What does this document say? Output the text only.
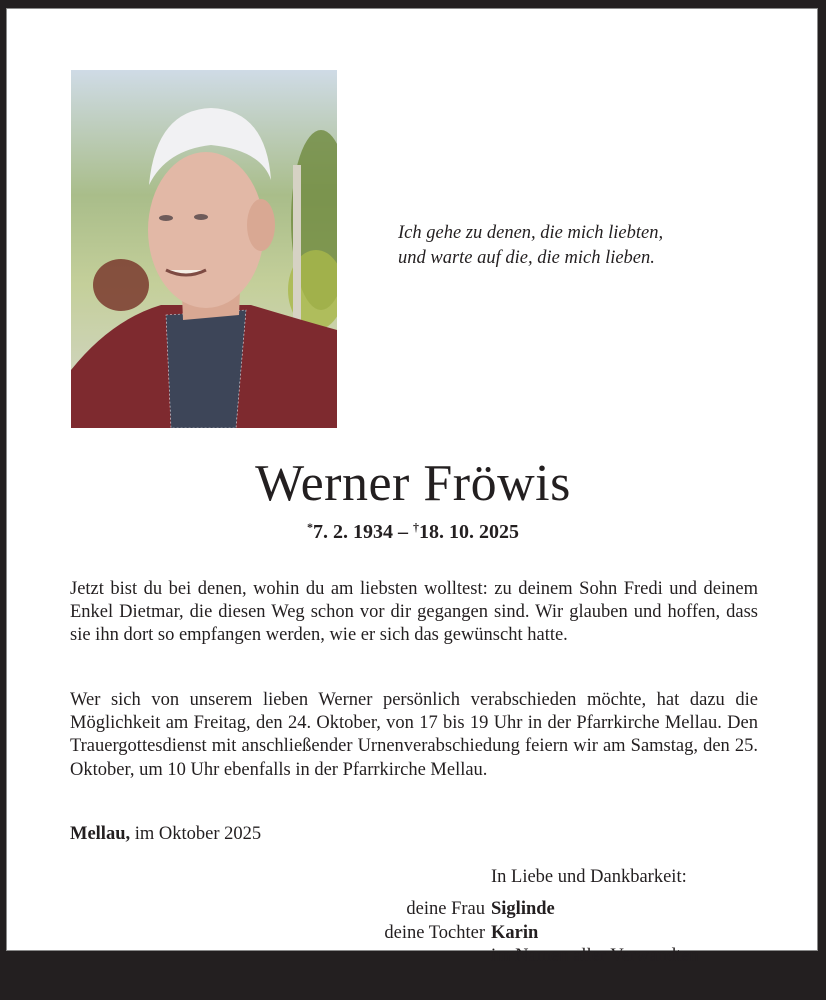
Ich gehe zu denen, die mich liebten,
und warte auf die, die mich lieben.
Werner Fröwis
*7. 2. 1934 – †18. 10. 2025
Jetzt bist du bei denen, wohin du am liebsten wolltest: zu deinem Sohn Fredi und deinem Enkel Dietmar, die diesen Weg schon vor dir gegangen sind. Wir glauben und hoffen, dass sie ihn dort so empfangen werden, wie er sich das gewünscht hatte.
Wer sich von unserem lieben Werner persönlich verabschieden möchte, hat dazu die Möglichkeit am Freitag, den 24. Oktober, von 17 bis 19 Uhr in der Pfarrkirche Mellau. Den Trauergottesdienst mit anschließender Urnenverabschiedung feiern wir am Samstag, den 25. Oktober, um 10 Uhr ebenfalls in der Pfarrkirche Mellau.
Mellau, im Oktober 2025
In Liebe und Dankbarkeit:
deine Frau Siglinde
deine Tochter Karin
im Namen aller Verwandten
